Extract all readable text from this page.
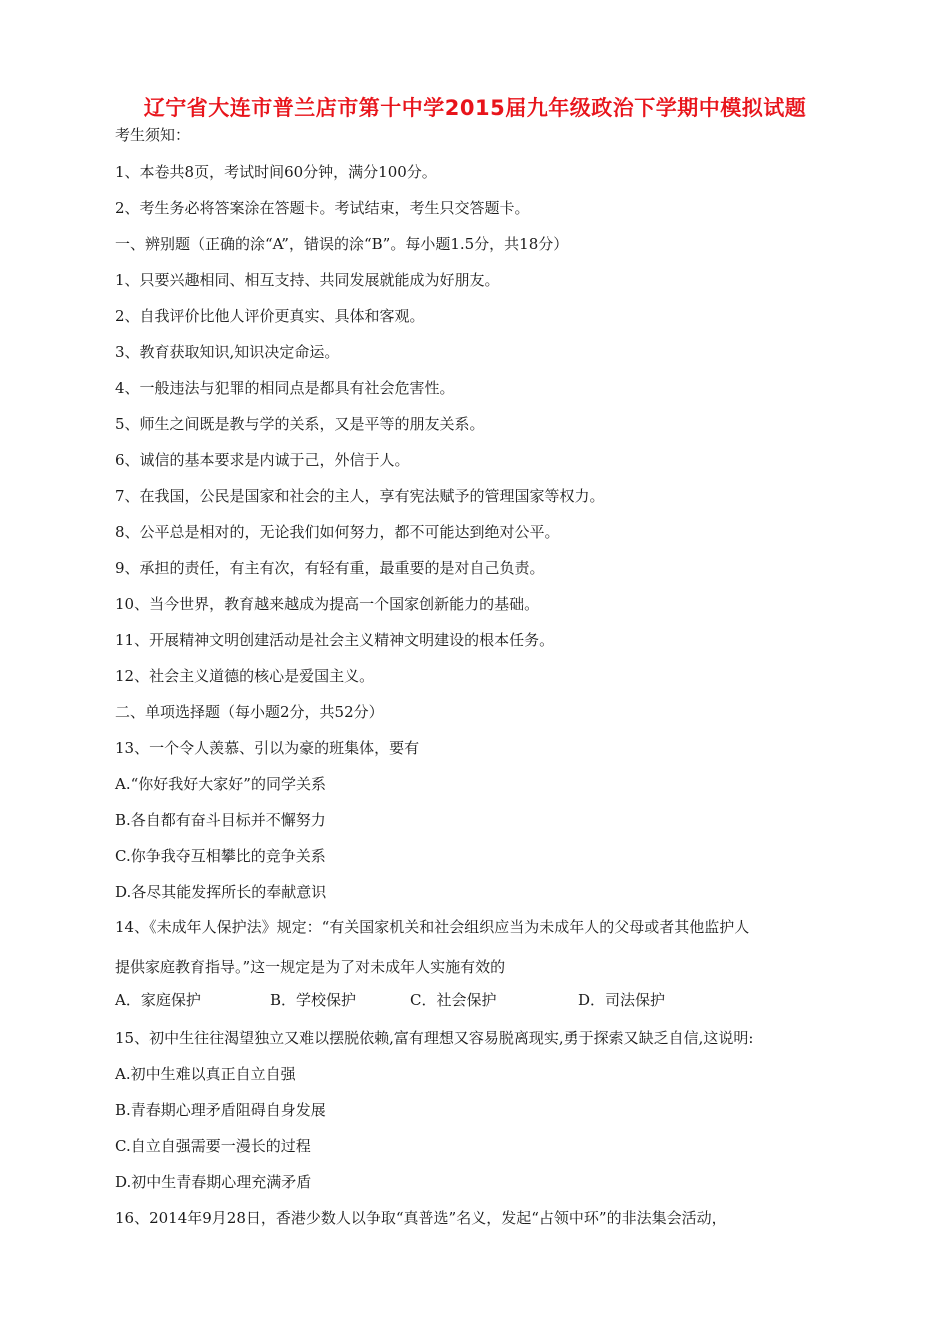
辽宁省大连市普兰店市第十中学2015届九年级政治下学期中模拟试题
考生须知：
1、本卷共8页，考试时间60分钟，满分100分。
2、考生务必将答案涂在答题卡。考试结束，考生只交答题卡。
一、辨别题（正确的涂“A”，错误的涂“B”。每小题1.5分，共18分）
1、只要兴趣相同、相互支持、共同发展就能成为好朋友。
2、自我评价比他人评价更真实、具体和客观。
3、教育获取知识,知识决定命运。
4、一般违法与犯罪的相同点是都具有社会危害性。
5、师生之间既是教与学的关系，又是平等的朋友关系。
6、诚信的基本要求是内诚于己，外信于人。
7、在我国，公民是国家和社会的主人，享有宪法赋予的管理国家等权力。
8、公平总是相对的，无论我们如何努力，都不可能达到绝对公平。
9、承担的责任，有主有次，有轻有重，最重要的是对自己负责。
10、当今世界，教育越来越成为提高一个国家创新能力的基础。
11、开展精神文明创建活动是社会主义精神文明建设的根本任务。
12、社会主义道德的核心是爱国主义。
二、单项选择题（每小题2分，共52分）
13、一个令人羡慕、引以为豪的班集体，要有
A.“你好我好大家好”的同学关系
B.各自都有奋斗目标并不懈努力
C.你争我夺互相攀比的竞争关系
D.各尽其能发挥所长的奉献意识
14、《未成年人保护法》规定：“有关国家机关和社会组织应当为未成年人的父母或者其他监护人
提供家庭教育指导。”这一规定是为了对未成年人实施有效的
A．家庭保护	B．学校保护	C．社会保护	D．司法保护
15、初中生往往渴望独立又难以摆脱依赖,富有理想又容易脱离现实,勇于探索又缺乏自信,这说明:
A.初中生难以真正自立自强
B.青春期心理矛盾阻碍自身发展
C.自立自强需要一漫长的过程
D.初中生青春期心理充满矛盾
16、2014年9月28日，香港少数人以争取“真普选”名义，发起“占领中环”的非法集会活动，
